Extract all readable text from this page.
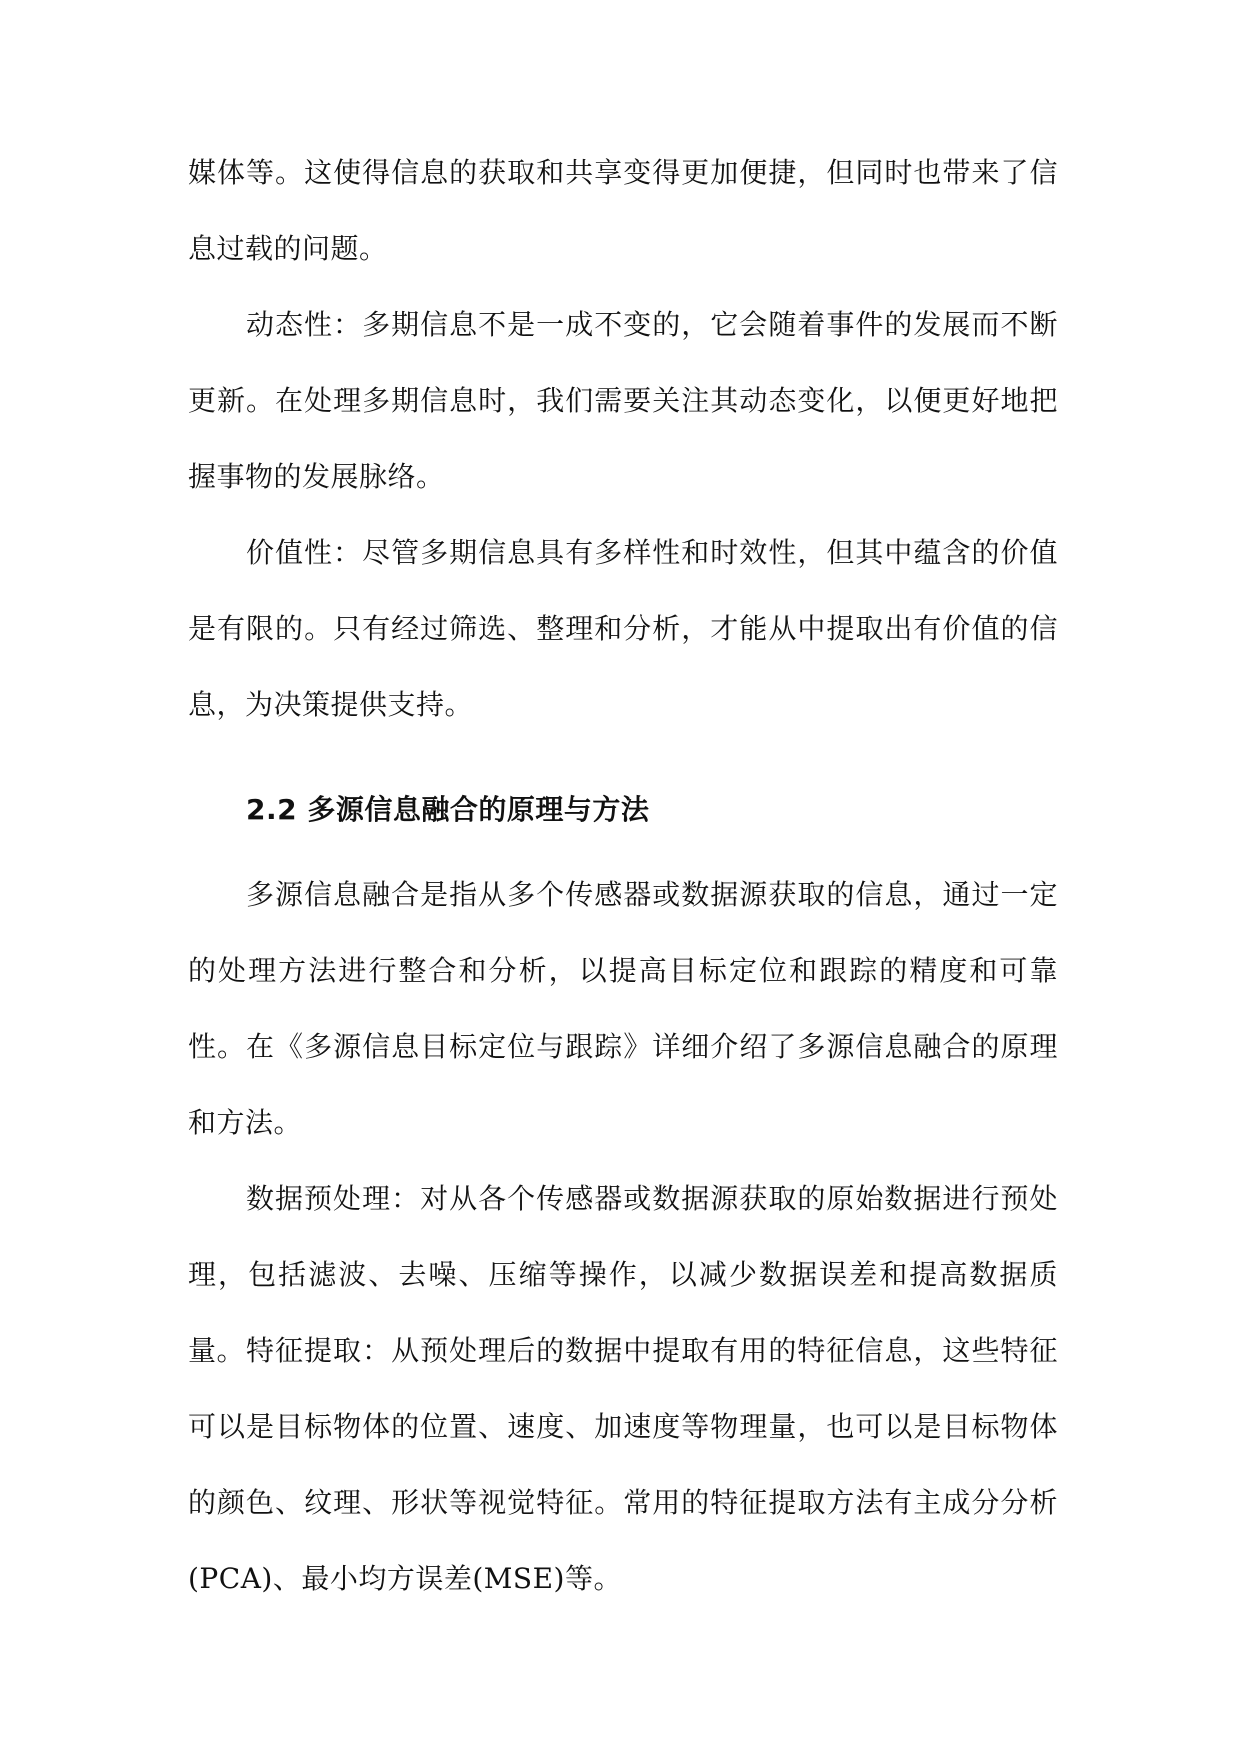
媒体等。这使得信息的获取和共享变得更加便捷，但同时也带来了信息过载的问题。

动态性：多期信息不是一成不变的，它会随着事件的发展而不断更新。在处理多期信息时，我们需要关注其动态变化，以便更好地把握事物的发展脉络。

价值性：尽管多期信息具有多样性和时效性，但其中蕴含的价值是有限的。只有经过筛选、整理和分析，才能从中提取出有价值的信息，为决策提供支持。

2.2 多源信息融合的原理与方法

多源信息融合是指从多个传感器或数据源获取的信息，通过一定的处理方法进行整合和分析，以提高目标定位和跟踪的精度和可靠性。在《多源信息目标定位与跟踪》详细介绍了多源信息融合的原理和方法。

数据预处理：对从各个传感器或数据源获取的原始数据进行预处理，包括滤波、去噪、压缩等操作，以减少数据误差和提高数据质量。 特征提取：从预处理后的数据中提取有用的特征信息，这些特征可以是目标物体的位置、速度、加速度等物理量，也可以是目标物体的颜色、纹理、形状等视觉特征。常用的特征提取方法有主成分分析(PCA)、最小均方误差(MSE)等。
